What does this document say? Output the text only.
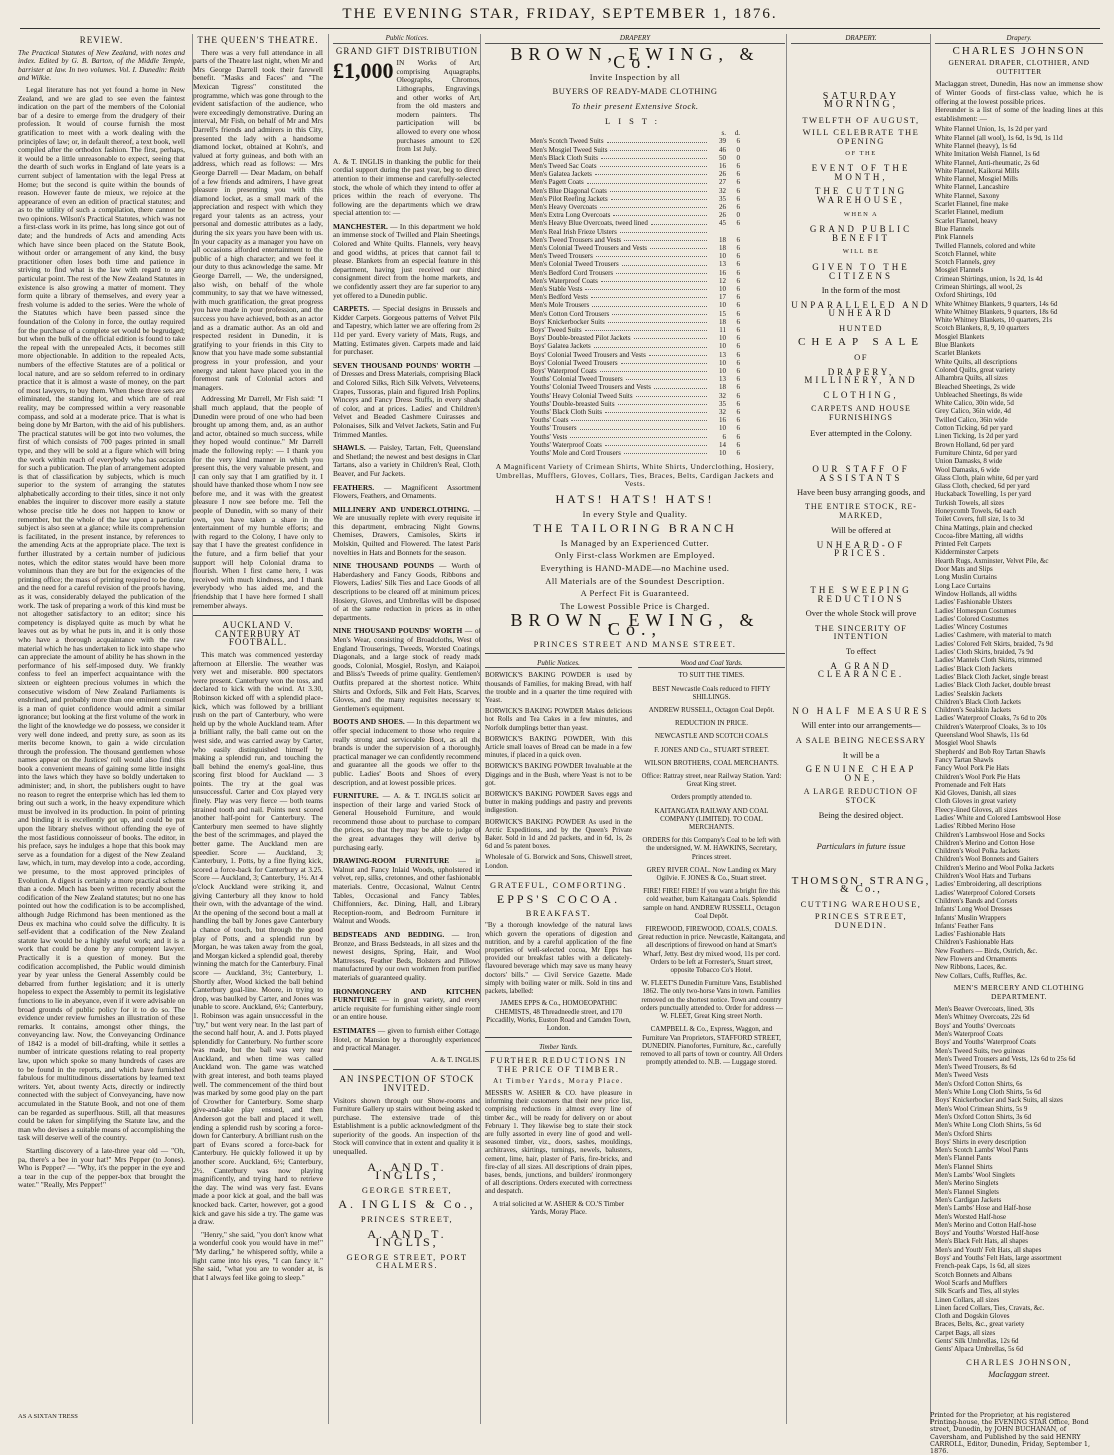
THE EVENING STAR, FRIDAY, SEPTEMBER 1, 1876.
REVIEW.
The Practical Statutes of New Zealand, with notes and index. Edited by G. B. Barton, of the Middle Temple, barrister at law. In two volumes. Vol. I. Dunedin: Reith and Wilkie.
Legal literature has not yet found a home in New Zealand, and we are glad to see even the faintest indication on the part of the members of the Colonial bar of a desire to emerge from the drudgery of their profession. It would of course furnish the most gratification to meet with a work dealing with the principles of law; or, in default thereof, a text book, well compiled after the orthodox fashion. The first, perhaps, it would be a little unreasonable to expect, seeing that the dearth of such works in England of late years is a current subject of lamentation with the legal Press at Home; but the second is quite within the bounds of reason. However faute de mieux, we rejoice at the appearance of even an edition of practical statutes; and as to the utility of such a compilation, there cannot be two opinions. Wilson's Practical Statutes, which was not a first-class work in its prime, has long since got out of date; and the hundreds of Acts and amending Acts which have since been placed on the Statute Book, without order or arrangement of any kind, the busy practitioner often loses both time and patience in striving to find what is the law with regard to any particular point. The rest of the New Zealand Statutes in existence is also growing a matter of moment. They form quite a library of themselves, and every year a fresh volume is added to the series. Were the whole of the Statutes which have been passed since the foundation of the Colony in force, the outlay required for the purchase of a complete set would be begrudged; but when the bulk of the official edition is found to take the repeal with the unrepealed Acts, it becomes still more objectionable. In addition to the repealed Acts, numbers of the effective Statutes are of a political or local nature, and are so seldom referred to in ordinary practice that it is almost a waste of money, on the part of most lawyers, to buy them. When these three sets are eliminated, the standing lot, and which are of real reality, may be compressed within a very reasonable compass, and sold at a moderate price. That is what is being done by Mr Barton, with the aid of his publishers. The practical statutes will be got into two volumes, the first of which consists of 700 pages printed in small type, and they will be sold at a figure which will bring the work within reach of everybody who has occasion for such a publication. The plan of arrangement adopted is that of classification by subjects, which is much superior to the system of arranging the statutes alphabetically according to their titles, since it not only enables the inquirer to discover more easily a statute whose precise title he does not happen to know or remember, but the whole of the law upon a particular subject is also seen at a glance; while its comprehension is facilitated, in the present instance, by references to the amending Acts at the appropriate place. The text is further illustrated by a certain number of judicious notes, which the editor states would have been more voluminous than they are but for the exigencies of the printing office; the mass of printing required to be done, and the need for a careful revision of the proofs having, as it was, considerably delayed the publication of the work. The task of preparing a work of this kind must be not altogether satisfactory to an editor; since his competency is displayed quite as much by what he leaves out as by what he puts in, and it is only those who have a thorough acquaintance with the raw material which he has undertaken to lick into shape who can appreciate the amount of ability he has shown in the performance of his self-imposed duty. We frankly confess to feel an imperfect acquaintance with the sixteen or eighteen precious volumes in which the consecutive wisdom of New Zealand Parliaments is enshrined, and probably more than one eminent counsel is a man of quiet confidence would admit a similar ignorance; but looking at the first volume of the work in the light of the knowledge we do possess, we consider it very well done indeed, and pretty sure, as soon as its merits become known, to gain a wide circulation through the profession. The thousand gentlemen whose names appear on the Justices' roll would also find this book a convenient means of gaining some little insight into the laws which they have so boldly undertaken to administer; and, in short, the publishers ought to have no reason to regret the enterprise which has led them to bring out such a work, in the heavy expenditure which must be involved in its production. In point of printing and binding it is excellently got up, and could be put upon the library shelves without offending the eye of the most fastidious connoisseur of books. The editor, in his preface, says he indulges a hope that this book may serve as a foundation for a digest of the New Zealand law, which, in turn, may develop into a code, according, we presume, to the most approved principles of Evolution. A digest is certainly a more practical scheme than a code. Much has been written recently about the codification of the New Zealand statutes; but no one has pointed out how the codification is to be accomplished, although Judge Richmond has been mentioned as the Deus ex machina who could solve the difficulty. It is self-evident that a codification of the New Zealand statute law would be a highly useful work; and it is a work that could be done by any competent lawyer. Practically it is a question of money. But the codification accomplished, the Public would diminish year by year unless the General Assembly could be debarred from further legislation; and it is utterly hopeless to expect the Assembly to permit its legislative functions to lie in abeyance, even if it were advisable on broad grounds of public policy for it to do so. The evidence under review furnishes an illustration of these remarks. It contains, amongst other things, the conveyancing law. Now, the Conveyancing Ordinance of 1842 is a model of bill-drafting, while it settles a number of intricate questions relating to real property law, upon which spoke so many hundreds of cases are to be found in the reports, and which have furnished fabulous for multitudinous dissertations by learned text writers. Yet, about twenty Acts, directly or indirectly connected with the subject of Conveyancing, have now accumulated in the Statute Book, and not one of them can be regarded as superfluous. Still, all that measures could be taken for simplifying the Statute law, and the man who devises a suitable means of accomplishing the task will deserve well of the country.
Startling discovery of a late-three year old — "Oh, pa, there's a bee in your hat!" Mrs Pepper (to Jones). Who is Pepper? — "Why, it's the pepper in the eye and a tear in the cup of the pepper-box that brought the water." "Really, Mrs Pepper!"
AS A SIXTAN TRESS
THE QUEEN'S THEATRE.
There was a very full attendance in all parts of the Theatre last night, when Mr and Mrs George Darrell took their farewell benefit. "Masks and Faces" and "The Mexican Tigress" constituted the programme, which was gone through to the evident satisfaction of the audience, who were exceedingly demonstrative. During an interval, Mr Fish, on behalf of Mr and Mrs Darrell's friends and admirers in this City, presented the lady with a handsome diamond locket, obtained at Kohn's, and valued at forty guineas, and both with an address, which read as follows: — Mrs George Darrell — Dear Madam, on behalf of a few friends and admirers, I have great pleasure in presenting you with this diamond locket, as a small mark of the appreciation and respect with which they regard your talents as an actress, your personal and domestic attributes as a lady, during the six years you have been with us. In your capacity as a manager you have on all occasions afforded entertainment to the public of a high character; and we feel it our duty to thus acknowledge the same. Mr George Darrell, — We, the undersigned, also wish, on behalf of the whole community, to say that we have witnessed, with much gratification, the great progress you have made in your profession, and the success you have achieved, both as an actor and as a dramatic author. As an old and respected resident in Dunedin, it is gratifying to your friends in this City to know that you have made some substantial progress in your profession, and your energy and talent have placed you in the foremost rank of Colonial actors and managers.
Addressing Mr Darrell, Mr Fish said: "I shall much applaud, that the people of Dunedin were proud of one who had been brought up among them, and, as an author and actor, obtained so much success, while they hoped would continue." Mr Darrell made the following reply: — I thank you for the very kind manner in which you present this, the very valuable present, and I can only say that I am gratified by it. I should have thanked those whom I now see before me, and it was with the greatest pleasure I now see before me. Tell the people of Dunedin, with so many of their own, you have taken a share in the entertainment of my humble efforts; and with regard to the Colony, I have only to say that I have the greatest confidence in the future, and a firm belief that your support will help Colonial drama to flourish. When I first came here, I was received with much kindness, and I thank everybody who has aided me, and the friendship that I have here formed I shall remember always.
AUCKLAND V. CANTERBURY AT FOOTBALL.
This match was commenced yesterday afternoon at Ellerslie. The weather was very wet and miserable. 800 spectators were present. Canterbury won the toss, and declared to kick with the wind. At 3.30, Robinson kicked off with a splendid place-kick, which was followed by a brilliant rush on the part of Canterbury, who were held up by the whole Auckland team. After a brilliant rally, the ball came out on the west side, and was carried away by Carter, who easily distinguished himself by making a splendid run, and touching the ball behind the enemy's goal-line, thus scoring first blood for Auckland — 3 points. The try at the goal was unsuccessful. Carter and Cox played very finely. Play was very fierce — both teams strained tooth and nail. Points next scored another half-point for Canterbury. The Canterbury men seemed to have slightly the best of the scrimmages, and played the better game. The Auckland men are speedier. Score — Auckland, 3; Canterbury, 1. Potts, by a fine flying kick, scored a force-back for Canterbury at 3.25. Score — Auckland, 3; Canterbury, 1½. At 4 o'clock Auckland were striking it, and giving Canterbury all they know to hold their own, with the advantage of the wind. At the opening of the second bout a mall at handling the ball by Jones gave Canterbury a chance of touch, but through the good play of Potts, and a splendid run by Morgan, he was taken away from the goal, and Morgan kicked a splendid goal, thereby winning the match for the Canterbury. Final score — Auckland, 3½; Canterbury, 1. Shortly after, Wood kicked the ball behind Canterbury goal-line. Moore, in trying to drop, was baulked by Carter, and Jones was unable to score. Auckland, 6¼; Canterbury, 1. Robinson was again unsuccessful in the "try," but went very near. In the last part of the second half hour, A. and J. Potts played splendidly for Canterbury. No further score was made, but the ball was very near Auckland, and when time was called Auckland won. The game was watched with great interest, and both teams played well. The commencement of the third bout was marked by some good play on the part of Crowther for Canterbury. Some sharp give-and-take play ensued, and then Anderson got the ball and placed it well, ending a splendid rush by scoring a force-down for Canterbury. A brilliant rush on the part of Evans scored a force-back for Canterbury. He quickly followed it up by another score. Auckland, 6½; Canterbury, 2½. Canterbury was now playing magnificently, and trying hard to retrieve the day. The wind was very fast. Evans made a poor kick at goal, and the ball was knocked back. Carter, however, got a good kick and gave his side a try. The game was a draw.
"Henry," she said, "you don't know what a wonderful cook you would have in me!" "My darling," he whispered softly, while a light came into his eyes, "I can fancy it." She said, "what you are to wonder at, is that I always feel like going to sleep."
Public Notices.
GRAND GIFT DISTRIBUTION
£1,000 IN Works of Art, comprising Aquagraphs, Oleographs, Chromos, Lithographs, Engravings, and other works of Art, from the old masters and modern painters. The participation will be allowed to every one whose purchases amount to £20 from 1st July.
A. & T. INGLIS in thanking the public for their cordial support during the past year, beg to direct attention to their immense and carefully-selected stock, the whole of which they intend to offer at prices within the reach of everyone. The following are the departments which we draw special attention to: —
MANCHESTER. — In this department we hold an immense stock of Twilled and Plain Sheetings, Colored and White Quilts. Flannels, very heavy and good widths, at prices that cannot fail to please. Blankets from an especial feature in this department, having just received our third consignment direct from the home markets, and we confidently assert they are far superior to any yet offered to a Dunedin public.
CARPETS. — Special designs in Brussels and Kidder Carpets. Gorgeous patterns of Velvet Pile and Tapestry, which latter we are offering from 2s 11d per yard. Every variety of Mats, Rugs, and Matting. Estimates given. Carpets made and laid for purchaser.
SEVEN THOUSAND POUNDS' WORTH — of Dresses and Dress Materials, comprising Black and Colored Silks, Rich Silk Velvets, Velveteens, Crapes, Tussoras, plain and figured Irish Poplins, Winceys and Fancy Dress Stuffs, in every shade of color, and at prices. Ladies' and Children's Velvet and Beaded Cashmere Cuirasses and Polonaises, Silk and Velvet Jackets, Satin and Fur Trimmed Mantles.
SHAWLS. — Paisley, Tartan, Felt, Queensland and Shetland; the newest and best designs in Clan Tartans, also a variety in Children's Real, Cloth, Beaver, and Fur Jackets.
FEATHERS. — Magnificent Assortment Flowers, Feathers, and Ornaments.
MILLINERY AND UNDERCLOTHING. — We are unusually replete with every requisite in this department, embracing Night Gowns, Chemises, Drawers, Camisoles, Skirts in Molskin, Quilted and Flowered. The latest Paris novelties in Hats and Bonnets for the season.
NINE THOUSAND POUNDS — Worth of Haberdashery and Fancy Goods, Ribbons and Flowers, Ladies' Silk Ties and Lace Goods of all descriptions to be cleared off at minimum prices; Hosiery, Gloves, and Umbrellas will be disposed of at the same reduction in prices as in other departments.
NINE THOUSAND POUNDS' WORTH — of Men's Wear, consisting of Broadcloths, West of England Trouserings, Tweeds, Worsted Coatings, Diagonals, and a large stock of ready made goods, Colonial, Mosgiel, Roslyn, and Kaiapoi, and Bliss's Tweeds of prime quality. Gentlemen's Outfits prepared at the shortest notice. White Shirts and Oxfords, Silk and Felt Hats, Scarves, Gloves, and the many requisites necessary to Gentlemen's equipment.
BOOTS AND SHOES. — In this department we offer special inducement to those who require a really strong and serviceable Boot, as all the brands is under the supervision of a thoroughly practical manager we can confidently recommend and guarantee all the goods we offer to the public. Ladies' Boots and Shoes of every description, and at lowest possible prices.
FURNITURE. — A. & T. INGLIS solicit an inspection of their large and varied Stock of General Household Furniture, and would recommend those about to purchase to compare the prices, so that they may be able to judge of the great advantages they will derive by purchasing early.
DRAWING-ROOM FURNITURE — in Walnut and Fancy Inlaid Woods, upholstered in velvet, rep, silks, cretonnes, and other fashionable materials. Centre, Occasional, Walnut Centre Tables, Occasional and Fancy Tables, Chiffonniers, &c. Dining, Hall, and Library Reception-room, and Bedroom Furniture in Walnut and Woods.
BEDSTEADS AND BEDDING. — Iron, Bronze, and Brass Bedsteads, in all sizes and the newest designs, Spring, Hair, and Wool Mattresses, Feather Beds, Bolsters and Pillows manufactured by our own workmen from purified materials of guaranteed quality.
IRONMONGERY AND KITCHEN FURNITURE — in great variety, and every article requisite for furnishing either single room or an entire house.
ESTIMATES — given to furnish either Cottage, Hotel, or Mansion by a thoroughly experienced and practical Manager.
A. & T. INGLIS.
AN INSPECTION OF STOCK INVITED.
Visitors shown through our Show-rooms and Furniture Gallery up stairs without being asked to purchase. The extensive trade of this Establishment is a public acknowledgment of the superiority of the goods. An inspection of the Stock will convince that in extent and quality it is unequalled.
A. AND T. INGLIS,
GEORGE STREET,
A. INGLIS & Co.,
PRINCES STREET,
A. AND T. INGLIS,
GEORGE STREET, PORT CHALMERS.
DRAPERY
BROWN, EWING, & Co.
Invite Inspection by all
BUYERS OF READY-MADE CLOTHING
To their present Extensive Stock.
LIST:
s.	d.
Men's Scotch Tweed Suits	39	6
Men's Mosgiel Tweed Suits	46	0
Men's Black Cloth Suits	50	0
Men's Tweed Sac Coats	16	6
Men's Galatea Jackets	26	6
Men's Pagett Coats	27	6
Men's Blue Diagonal Coats	32	6
Men's Pilot Reefing Jackets	35	6
Men's Heavy Overcoats	26	6
Men's Extra Long Overcoats	26	0
Men's Heavy Blue Overcoats, tweed lined	45	6
Men's Real Irish Frieze Ulsters
Men's Tweed Trousers and Vests	18	6
Men's Colonial Tweed Trousers and Vests	18	6
Men's Tweed Trousers	10	6
Men's Colonial Tweed Trousers	13	6
Men's Bedford Cord Trousers	16	6
Men's Waterproof Coats	12	6
Men's Stable Vests	10	6
Men's Bedford Vests	17	6
Men's Mole Trousers	10	6
Men's Cotton Cord Trousers	15	6
Boys' Knickerbocker Suits	18	6
Boys' Tweed Suits	11	6
Boys' Double-breasted Pilot Jackets	10	6
Boys' Galatea Jackets	10	6
Boys' Colonial Tweed Trousers and Vests	13	6
Boys' Colonial Tweed Trousers	10	6
Boys' Waterproof Coats	10	6
Youths' Colonial Tweed Trousers	13	6
Youths' Colonial Tweed Trousers and Vests	18	6
Youths' Heavy Colonial Tweed Suits	32	6
Youths' Double-breasted Suits	35	6
Youths' Black Cloth Suits	32	6
Youths' Coats	16	6
Youths' Trousers	10	6
Youths' Vests	6	6
Youths' Waterproof Coats	14	6
Youths' Mole and Cord Trousers	10	6
A Magnificent Variety of Crimean Shirts, White Shirts, Underclothing, Hosiery, Umbrellas, Mufflers, Gloves, Collars, Ties, Braces, Belts, Cardigan Jackets and Vests.
HATS! HATS! HATS!
In every Style and Quality.
THE TAILORING BRANCH
Is Managed by an Experienced Cutter.
Only First-class Workmen are Employed.
Everything is HAND-MADE—no Machine used.
All Materials are of the Soundest Description.
A Perfect Fit is Guaranteed.
The Lowest Possible Price is Charged.
BROWN, EWING, & Co.,
PRINCES STREET AND MANSE STREET.
Public Notices.
BORWICK'S BAKING POWDER is used by thousands of Families, for making Bread, with half the trouble and in a quarter the time required with Yeast.
BORWICK'S BAKING POWDER Makes delicious hot Rolls and Tea Cakes in a few minutes, and Norfolk dumplings better than yeast.
BORWICK'S BAKING POWDER, With this Article small loaves of Bread can be made in a few minutes, if placed in a quick oven.
BORWICK'S BAKING POWDER Invaluable at the Diggings and in the Bush, where Yeast is not to be got.
BORWICK'S BAKING POWDER Saves eggs and butter in making puddings and pastry and prevents indigestion.
BORWICK'S BAKING POWDER As used in the Arctic Expeditions, and by the Queen's Private Baker. Sold in 1d and 2d packets, and in 6d, 1s, 2s 6d and 5s patent boxes.
Wholesale of G. Borwick and Sons, Chiswell street, London.
GRATEFUL, COMFORTING.
EPPS'S COCOA.
BREAKFAST.
"By a thorough knowledge of the natural laws which govern the operations of digestion and nutrition, and by a careful application of the fine properties of well-selected cocoa, Mr Epps has provided our breakfast tables with a delicately-flavoured beverage which may save us many heavy doctors' bills." — Civil Service Gazette. Made simply with boiling water or milk. Sold in tins and packets, labelled:
JAMES EPPS & Co., HOMOEOPATHIC CHEMISTS, 48 Threadneedle street, and 170 Piccadilly, Works, Euston Road and Camden Town, London.
Timber Yards.
FURTHER REDUCTIONS IN THE PRICE OF TIMBER.
At Timber Yards, Moray Place.
MESSRS W. ASHER & CO. have pleasure in informing their customers that their new price list, comprising reductions in almost every line of timber &c., will be ready for delivery on or about February 1. They likewise beg to state their stock are fully assorted in every line of good and well-seasoned timber, viz., doors, sashes, mouldings, architraves, skirtings, turnings, newels, balusters, cement, lime, hair, plaster of Paris, fire-bricks, and fire-clay of all sizes. All descriptions of drain pipes, bases, bends, junctions, and builders' ironmongery of all descriptions. Orders executed with correctness and despatch.
A trial solicited at W. ASHER & CO.'S Timber Yards, Moray Place.
Wood and Coal Yards.
TO SUIT THE TIMES.
BEST Newcastle Coals reduced to FIFTY SHILLINGS.
ANDREW RUSSELL, Octagon Coal Depôt.
REDUCTION IN PRICE.
NEWCASTLE AND SCOTCH COALS
F. JONES AND Co., STUART STREET.
WILSON BROTHERS, COAL MERCHANTS.
Office: Rattray street, near Railway Station. Yard: Great King street.
Orders promptly attended to.
KAITANGATA RAILWAY AND COAL COMPANY (LIMITED). TO COAL MERCHANTS.
ORDERS for this Company's Coal to be left with the undersigned, W. M. HAWKINS, Secretary, Princes street.
GREY RIVER COAL. Now Landing ex Mary Ogilvie. F. JONES & Co., Stuart street.
FIRE! FIRE! FIRE! If you want a bright fire this cold weather, burn Kaitangata Coals. Splendid sample on hand. ANDREW RUSSELL, Octagon Coal Depôt.
FIREWOOD, FIREWOOD, COALS, COALS. Great reduction in price. Newcastle, Kaitangata, and all descriptions of firewood on hand at Smart's Wharf, Jetty. Best dry mixed wood, 11s per cord. Orders to be left at Forrester's, Stuart street, opposite Tobacco Co's Hotel.
W. FLEET'S Dunedin Furniture Vans, Established 1862. The only two-horse Vans in town. Families removed on the shortest notice. Town and country orders punctually attended to. Order for address — W. FLEET, Great King street North.
CAMPBELL & Co., Express, Waggon, and Furniture Van Proprietors, STAFFORD STREET, DUNEDIN. Pianofortes, Furniture, &c., carefully removed to all parts of town or country. All Orders promptly attended to. N.B. — Luggage stored.
DRAPERY.
SATURDAY MORNING,
TWELFTH OF AUGUST,
WILL CELEBRATE THE OPENING
OF THE
EVENT OF THE MONTH,
THE CUTTING WAREHOUSE,
WHEN A
GRAND PUBLIC BENEFIT
WILL BE
GIVEN TO THE CITIZENS
In the form of the most
UNPARALLELED AND UNHEARD
HUNTED
CHEAP SALE
OF
DRAPERY, MILLINERY, AND
CLOTHING,
CARPETS AND HOUSE FURNISHINGS
Ever attempted in the Colony.
OUR STAFF OF ASSISTANTS
Have been busy arranging goods, and
THE ENTIRE STOCK, RE-MARKED,
Will be offered at
UNHEARD-OF PRICES.
THE SWEEPING REDUCTIONS
Over the whole Stock will prove
THE SINCERITY OF INTENTION
To effect
A GRAND CLEARANCE.
NO HALF MEASURES
Will enter into our arrangements—
A SALE BEING NECESSARY
It will be a
GENUINE CHEAP ONE,
A LARGE REDUCTION OF STOCK
Being the desired object.
Particulars in future issue
THOMSON, STRANG, & Co.,
CUTTING WAREHOUSE,
PRINCES STREET, DUNEDIN.
Drapery.
CHARLES JOHNSON
GENERAL DRAPER, CLOTHIER, AND OUTFITTER
Maclaggan street, Dunedin, Has now an immense show of Winter Goods of first-class value, which he is offering at the lowest possible prices.
Hereunder is a list of some of the leading lines at this establishment: —
White Flannel Union, 1s, 1s 2d per yard
White Flannel (all wool), 1s 6d, 1s 9d, 1s 11d
White Flannel (heavy), 1s 6d
White Imitation Welsh Flannel, 1s 6d
White Flannel, Anti-rheumatic, 2s 6d
White Flannel, Kaikorai Mills
White Flannel, Mosgiel Mills
White Flannel, Lancashire
White Flannel, Saxony
Scarlet Flannel, fine make
Scarlet Flannel, medium
Scarlet Flannel, heavy
Blue Flannels
Pink Flannels
Twilled Flannels, colored and white
Scotch Flannel, white
Scotch Flannels, grey
Mosgiel Flannels
Crimean Shirtings, union, 1s 2d, 1s 4d
Crimean Shirtings, all wool, 2s
Oxford Shirtings, 10d
White Whitney Blankets, 9 quarters, 14s 6d
White Whitney Blankets, 9 quarters, 18s 6d
White Whitney Blankets, 10 quarters, 21s
Scotch Blankets, 8, 9, 10 quarters
Mosgiel Blankets
Blue Blankets
Scarlet Blankets
White Quilts, all descriptions
Colored Quilts, great variety
Alhambra Quilts, all sizes
Bleached Sheetings, 2s wide
Unbleached Sheetings, 8s wide
White Calico, 30in wide, 5d
Grey Calico, 36in wide, 4d
Twilled Calico, 36in wide
Cotton Ticking, 6d per yard
Linen Ticking, 1s 2d per yard
Brown Holland, 6d per yard
Furniture Chintz, 6d per yard
Union Damasks, 8 wide
Wool Damasks, 6 wide
Glass Cloth, plain white, 6d per yard
Glass Cloth, checked, 6d per yard
Huckaback Towelling, 1s per yard
Turkish Towels, all sizes
Honeycomb Towels, 6d each
Toilet Covers, full size, 1s to 3d
China Mattings, plain and checked
Cocoa-fibre Matting, all widths
Printed Felt Carpets
Kidderminster Carpets
Hearth Rugs, Axminster, Velvet Pile, &c
Door Mats and Slips
Long Muslin Curtains
Long Lace Curtains
Window Hollands, all widths
Ladies' Fashionable Ulsters
Ladies' Homespun Costumes
Ladies' Colored Costumes
Ladies' Wincey Costumes
Ladies' Cashmere, with material to match
Ladies' Colored Felt Skirts, braided, 7s 9d
Ladies' Cloth Skirts, braided, 7s 9d
Ladies' Mantels Cloth Skirts, trimmed
Ladies' Black Cloth Jackets
Ladies' Black Cloth Jacket, single breast
Ladies' Black Cloth Jacket, double breast
Ladies' Sealskin Jackets
Children's Black Cloth Jackets
Children's Sealskin Jackets
Ladies' Waterproof Cloaks, 7s 6d to 20s
Children's Waterproof Cloaks, 3s to 10s
Queensland Wool Shawls, 11s 6d
Mosgiel Wool Shawls
Shepherds' and Bob Roy Tartan Shawls
Fancy Tartan Shawls
Fancy Wool Pork Pie Hats
Children's Wool Pork Pie Hats
Promenade and Felt Hats
Kid Gloves, Danish, all sizes
Cloth Gloves in great variety
Fleecy-lined Gloves, all sizes
Ladies' White and Colored Lambswool Hose
Ladies' Ribbed Merino Hose
Children's Lambswool Hose and Socks
Children's Merino and Cotton Hose
Children's Wool Polka Jackets
Children's Wool Bonnets and Gaiters
Children's Merino and Wool Polka Jackets
Children's Wool Hats and Turbans
Ladies' Embroidering, all descriptions
Ladies' Waterproof Colored Corsets
Children's Bands and Corsets
Infants' Long Wool Dresses
Infants' Muslin Wrappers
Infants' Feather Fans
Ladies' Fashionable Hats
Children's Fashionable Hats
New Feathers — Birds, Ostrich, &c.
New Flowers and Ornaments
New Ribbons, Laces, &c.
New Collars, Cuffs, Ruffles, &c.
MEN'S MERCERY AND CLOTHING DEPARTMENT.
Men's Beaver Overcoats, lined, 30s
Men's Whitney Overcoats, 22s 6d
Boys' and Youths' Overcoats
Men's Waterproof Coats
Boys' and Youths' Waterproof Coats
Men's Tweed Suits, two guineas
Men's Tweed Trousers and Vests, 12s 6d to 25s 6d
Men's Tweed Trousers, 8s 6d
Men's Tweed Vests
Men's Oxford Cotton Shirts, 6s
Men's White Long Cloth Shirts, 5s 6d
Boys' Knickerbocker and Sack Suits, all sizes
Men's Wool Crimean Shirts, 5s 9
Men's Oxford Cotton Shirts, 3s 6d
Men's White Long Cloth Shirts, 5s 6d
Men's Oxford Shirts
Boys' Shirts in every description
Men's Scotch Lambs' Wool Pants
Men's Flannel Pants
Men's Flannel Shirts
Men's Lambs' Wool Singlets
Men's Merino Singlets
Men's Flannel Singlets
Men's Cardigan Jackets
Men's Lambs' Hose and Half-hose
Men's Worsted Half-hose
Men's Merino and Cotton Half-hose
Boys' and Youths' Worsted Half-hose
Men's Black Felt Hats, all shapes
Men's and Youth' Felt Hats, all shapes
Boys' and Youths' Felt Hats, large assortment
French-peak Caps, 1s 6d, all sizes
Scotch Bonnets and Albans
Wool Scarfs and Mufflers
Silk Scarfs and Ties, all styles
Linen Collars, all sizes
Linen faced Collars, Ties, Cravats, &c.
Cloth and Dogskin Gloves
Braces, Belts, &c., great variety
Carpet Bags, all sizes
Gents' Silk Umbrellas, 12s 6d
Gents' Alpaca Umbrellas, 5s 6d
CHARLES JOHNSON,
Maclaggan street.
Printed for the Proprietor, at his registered Printing-house, the EVENING STAR Office, Bond street, Dunedin, by JOHN BUCHANAN, of Caversham, and Published by the said HENRY CARROLL, Editor, Dunedin, Friday, September 1, 1876.
